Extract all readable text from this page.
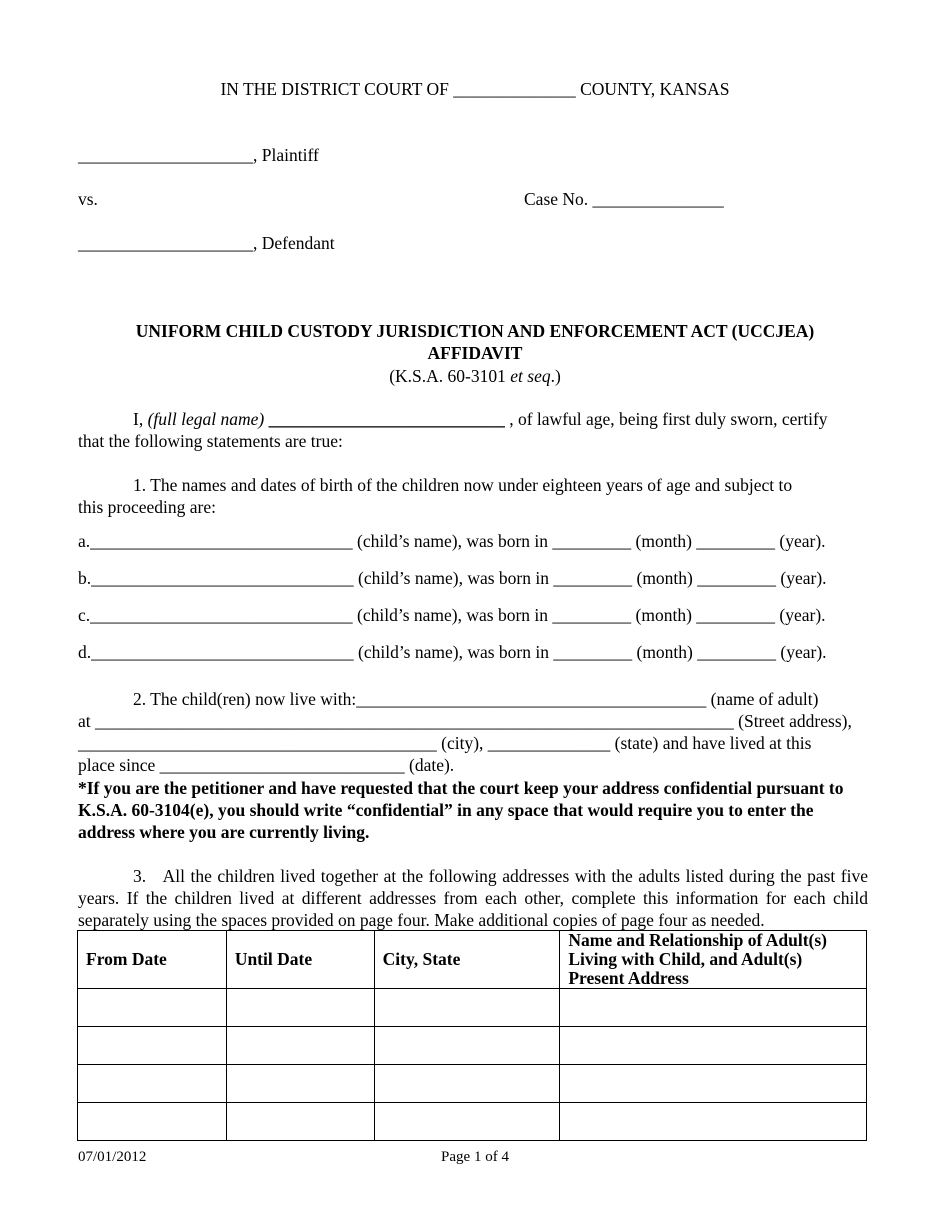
IN THE DISTRICT COURT OF ______________ COUNTY, KANSAS
____________________, Plaintiff
vs.	Case No. _______________
____________________, Defendant
UNIFORM CHILD CUSTODY JURISDICTION AND ENFORCEMENT ACT (UCCJEA)
AFFIDAVIT
(K.S.A. 60-3101 et seq.)
I, (full legal name) ___________________________ , of lawful age, being first duly sworn, certify
that the following statements are true:
1. The names and dates of birth of the children now under eighteen years of age and subject to
this proceeding are:
a.______________________________ (child’s name), was born in _________ (month) _________ (year).
b.______________________________ (child’s name), was born in _________ (month) _________ (year).
c.______________________________ (child’s name), was born in _________ (month) _________ (year).
d.______________________________ (child’s name), was born in _________ (month) _________ (year).
2. The child(ren) now live with:________________________________________ (name of adult)
at _________________________________________________________________________ (Street address),
_________________________________________ (city), ______________ (state) and have lived at this
place since ____________________________ (date).
*If you are the petitioner and have requested that the court keep your address confidential pursuant to K.S.A. 60-3104(e), you should write “confidential” in any space that would require you to enter the address where you are currently living.
3. All the children lived together at the following addresses with the adults listed during the past five years. If the children lived at different addresses from each other, complete this information for each child separately using the spaces provided on page four. Make additional copies of page four as needed.
From Date	Until Date	City, State	Name and Relationship of Adult(s) Living with Child, and Adult(s) Present Address

07/01/2012	Page 1 of 4
